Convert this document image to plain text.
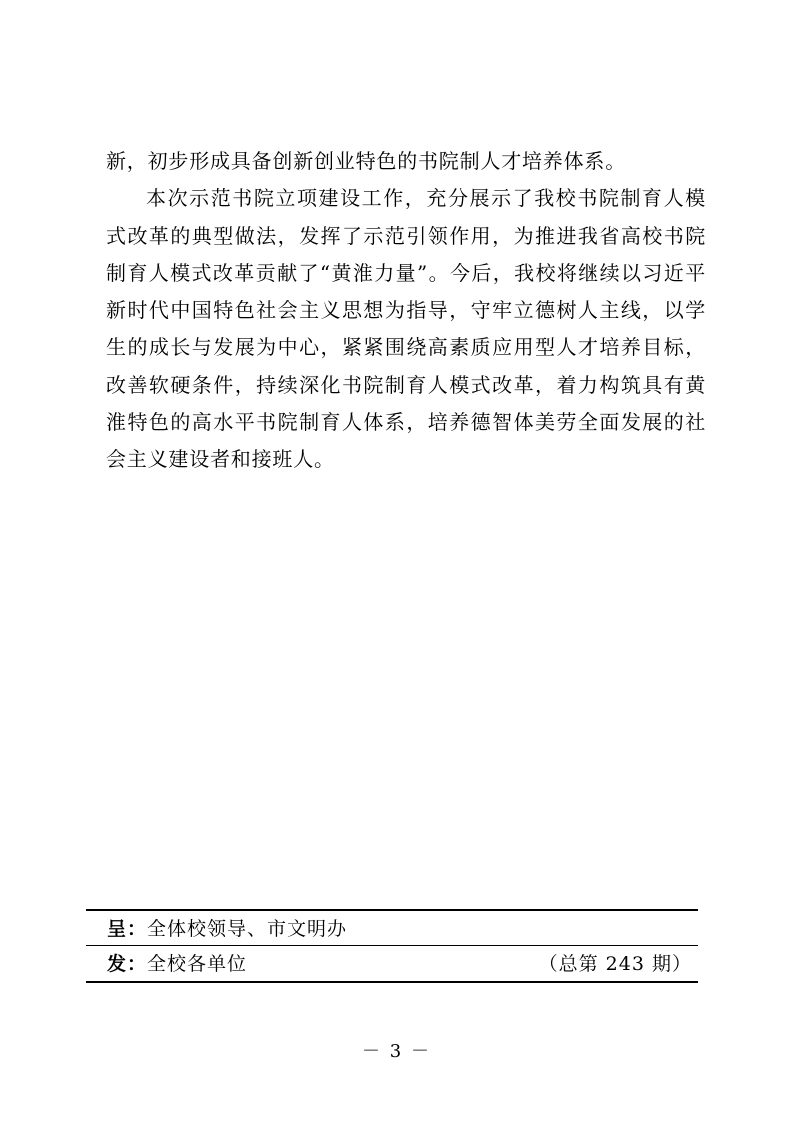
新，初步形成具备创新创业特色的书院制人才培养体系。

本次示范书院立项建设工作，充分展示了我校书院制育人模式改革的典型做法，发挥了示范引领作用，为推进我省高校书院制育人模式改革贡献了“黄淮力量”。今后，我校将继续以习近平新时代中国特色社会主义思想为指导，守牢立德树人主线，以学生的成长与发展为中心，紧紧围绕高素质应用型人才培养目标，改善软硬条件，持续深化书院制育人模式改革，着力构筑具有黄淮特色的高水平书院制育人体系，培养德智体美劳全面发展的社会主义建设者和接班人。

呈：全体校领导、市文明办
发：全校各单位	（总第 243 期）
－ 3 －
